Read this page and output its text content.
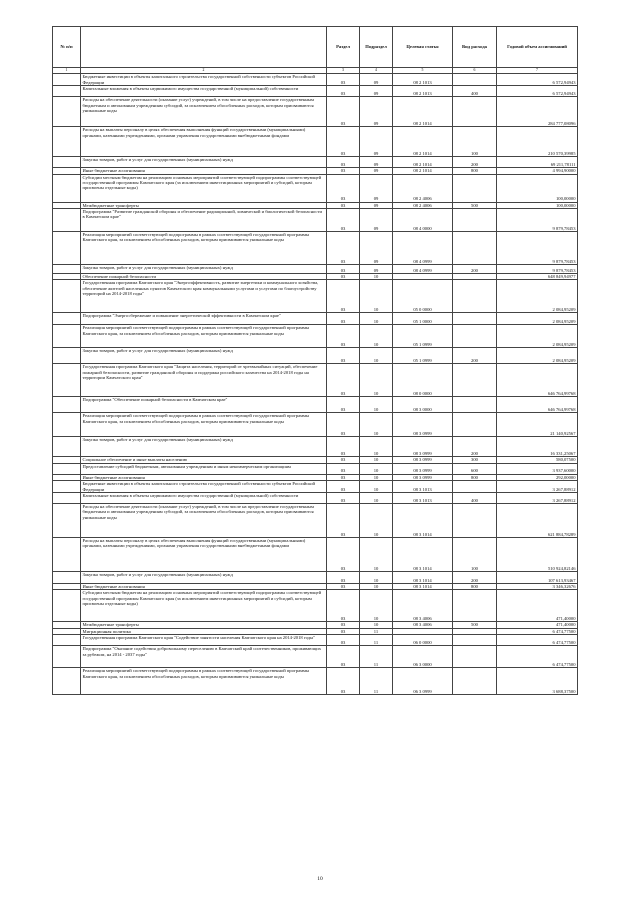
№ п/п		Раздел	Подраздел	Целевая статья	Вид расхода	Годовой объем ассигнований
1	2	3	4	5	6	7
	Бюджетные инвестиции в объекты капитального строительства государственной собственности субъектов Российской Федерации	03	09	08 2 1013		6 572,94943
	Капитальные вложения в объекты недвижимого имущества государственной (муниципальной) собственности	03	09	08 2 1013	400	6 572,94943
	Расходы на обеспечение деятельности (оказание услуг) учреждений, в том числе на предоставление государственным бюджетным и автономным учреждениям субсидий, за исключением обособленных расходов, которым присваиваются уникальные коды	03	09	08 2 1014		284 777,08096
	Расходы на выплаты персоналу в целях обеспечения выполнения функций государственными (муниципальными) органами, казенными учреждениями, органами управления государственными внебюджетными фондами	03	09	08 2 1014	100	210 570,39985
	Закупка товаров, работ и услуг для государственных (муниципальных) нужд	03	09	08 2 1014	200	69 211,78111
	Иные бюджетные ассигнования	03	09	08 2 1014	800	4 994,90000
	Субсидии местным бюджетам на реализацию основных мероприятий соответствующей подпрограммы соответствующей государственной программы Камчатского края (за исключением инвестиционных мероприятий и субсидий, которым присвоены отдельные коды)	03	09	08 2 4006		100,00000
	Межбюджетные трансферты	03	09	08 2 4006	500	100,00000
	Подпрограмма "Развитие гражданской обороны и обеспечение радиационной, химической и биологической безопасности в Камчатском крае"	03	09	08 4 0000		9 879,78453
	Реализация мероприятий соответствующей подпрограммы в рамках соответствующей государственной программы Камчатского края, за исключением обособленных расходов, которым присваиваются уникальные коды	03	09	08 4 0999		9 879,78453
	Закупка товаров, работ и услуг для государственных (муниципальных) нужд	03	09	08 4 0999	200	9 879,78453
	Обеспечение пожарной безопасности	03	10			648 849,94977
	Государственная программа Камчатского края "Энергоэффективность, развитие энергетики и коммунального хозяйства, обеспечение жителей населенных пунктов Камчатского края коммунальными услугами и услугами по благоустройству территорий на 2014-2018 годы"	03	10	05 0 0000		2 084,95209
	Подпрограмма "Энергосбережение и повышение энергетической эффективности в Камчатском крае"	03	10	05 1 0000		2 084,95209
	Реализация мероприятий соответствующей подпрограммы в рамках соответствующей государственной программы Камчатского края, за исключением обособленных расходов, которым присваиваются уникальные коды	03	10	05 1 0999		2 084,95209
	Закупка товаров, работ и услуг для государственных (муниципальных) нужд	03	10	05 1 0999	200	2 084,95209
	Государственная программа Камчатского края "Защита населения, территорий от чрезвычайных ситуаций, обеспечение пожарной безопасности, развитие гражданской обороны и поддержка российского казачества на 2014-2018 годы на территории Камчатского края"	03	10	08 0 0000		646 764,99768
	Подпрограмма "Обеспечение пожарной безопасности в Камчатском крае"	03	10	08 3 0000		646 764,99768
	Реализация мероприятий соответствующей подпрограммы в рамках соответствующей государственной программы Камчатского края, за исключением обособленных расходов, которым присваиваются уникальные коды	03	10	08 3 0999		21 140,92567
	Закупка товаров, работ и услуг для государственных (муниципальных) нужд	03	10	08 3 0999	200	16 331,25067
	Социальное обеспечение и иные выплаты населению	03	10	08 3 0999	300	580,07500
	Предоставление субсидий бюджетным, автономным учреждениям и иным некоммерческим организациям	03	10	08 3 0999	600	3 937,60000
	Иные бюджетные ассигнования	03	10	08 3 0999	800	292,00000
	Бюджетные инвестиции в объекты капитального строительства государственной собственности субъектов Российской Федерации	03	10	08 3 1013		3 267,88912
	Капитальные вложения в объекты недвижимого имущества государственной (муниципальной) собственности	03	10	08 3 1013	400	3 267,88912
	Расходы на обеспечение деятельности (оказание услуг) учреждений, в том числе на предоставление государственным бюджетным и автономным учреждениям субсидий, за исключением обособленных расходов, которым присваиваются уникальные коды	03	10	08 3 1014		621 884,78289
	Расходы на выплаты персоналу в целях обеспечения выполнения функций государственными (муниципальными) органами, казенными учреждениями, органами управления государственными внебюджетными фондами	03	10	08 3 1014	100	510 924,82146
	Закупка товаров, работ и услуг для государственных (муниципальных) нужд	03	10	08 3 1014	200	107 613,93467
	Иные бюджетные ассигнования	03	10	08 3 1014	800	3 346,32676
	Субсидии местным бюджетам на реализацию основных мероприятий соответствующей подпрограммы соответствующей государственной программы Камчатского края (за исключением инвестиционных мероприятий и субсидий, которым присвоены отдельные коды)	03	10	08 3 4006		471,40000
	Межбюджетные трансферты	03	10	08 3 4006	500	471,40000
	Миграционная политика	03	11			6 474,77500
	Государственная программа Камчатского края "Содействие занятости населения Камчатского края на 2014-2018 годы"	03	11	06 0 0000		6 474,77500
	Подпрограмма "Оказание содействия добровольному переселению в Камчатский край соотечественников, проживающих за рубежом, на 2014 - 2037 годы"	03	11	06 3 0000		6 474,77500
	Реализация мероприятий соответствующей подпрограммы в рамках соответствующей государственной программы Камчатского края, за исключением обособленных расходов, которым присваиваются уникальные коды	03	11	06 3 0999		3 688,37500
10
